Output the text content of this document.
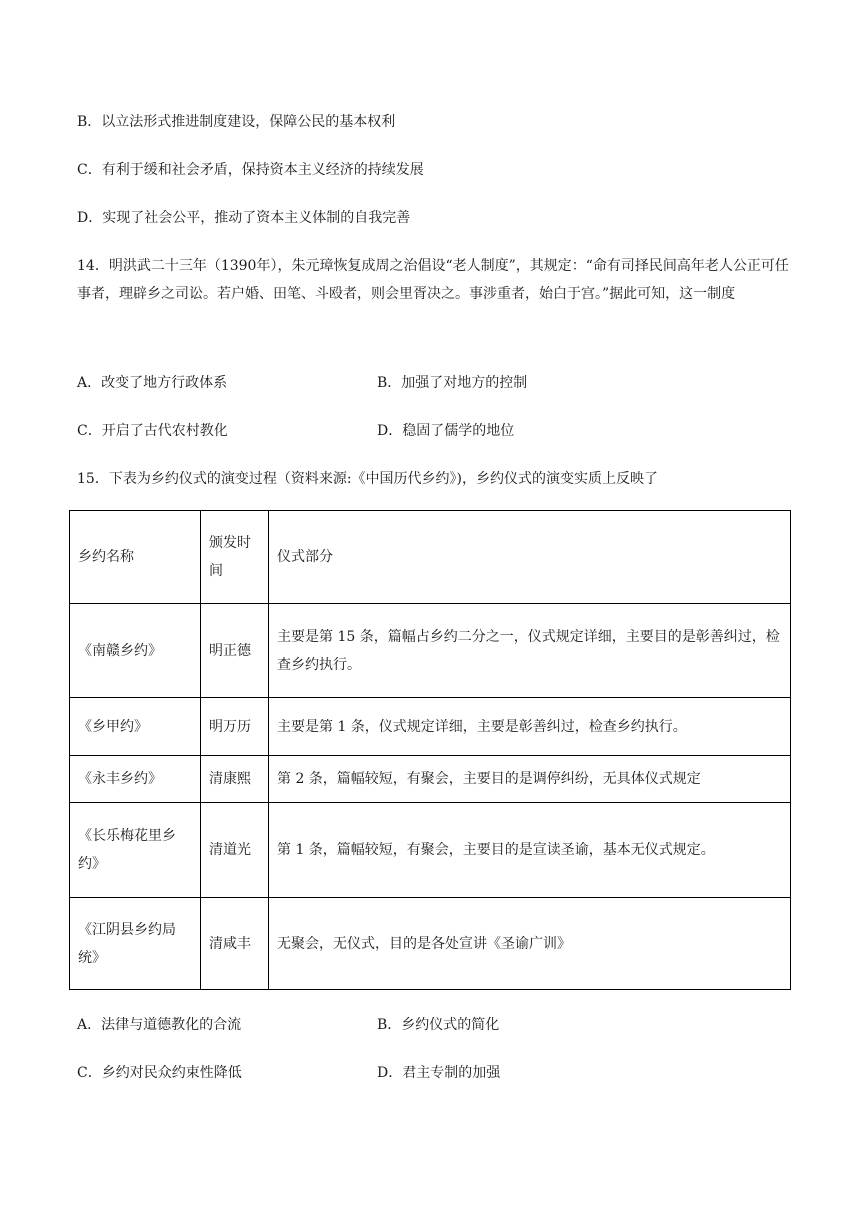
B．以立法形式推进制度建设，保障公民的基本权利
C．有利于缓和社会矛盾，保持资本主义经济的持续发展
D．实现了社会公平，推动了资本主义体制的自我完善
14．明洪武二十三年（1390年），朱元璋恢复成周之治倡设“老人制度”，其规定：“命有司择民间高年老人公正可任事者，理辟乡之司讼。若户婚、田笔、斗殴者，则会里胥决之。事涉重者，始白于宫。”据此可知，这一制度
A．改变了地方行政体系	B．加强了对地方的控制
C．开启了古代农村教化	D．稳固了儒学的地位
15．下表为乡约仪式的演变过程（资料来源:《中国历代乡约》)，乡约仪式的演变实质上反映了
乡约名称	颁发时间	仪式部分
《南赣乡约》	明正德	主要是第 15 条，篇幅占乡约二分之一，仪式规定详细，主要目的是彰善纠过，检查乡约执行。
《乡甲约》	明万历	主要是第 1 条，仪式规定详细，主要是彰善纠过，检查乡约执行。
《永丰乡约》	清康熙	第 2 条，篇幅较短，有聚会，主要目的是调停纠纷，无具体仪式规定
《长乐梅花里乡约》	清道光	第 1 条，篇幅较短，有聚会，主要目的是宣读圣谕，基本无仪式规定。
《江阴县乡约局统》	清咸丰	无聚会，无仪式，目的是各处宣讲《圣谕广训》
A．法律与道德教化的合流	B．乡约仪式的简化
C．乡约对民众约束性降低	D．君主专制的加强
